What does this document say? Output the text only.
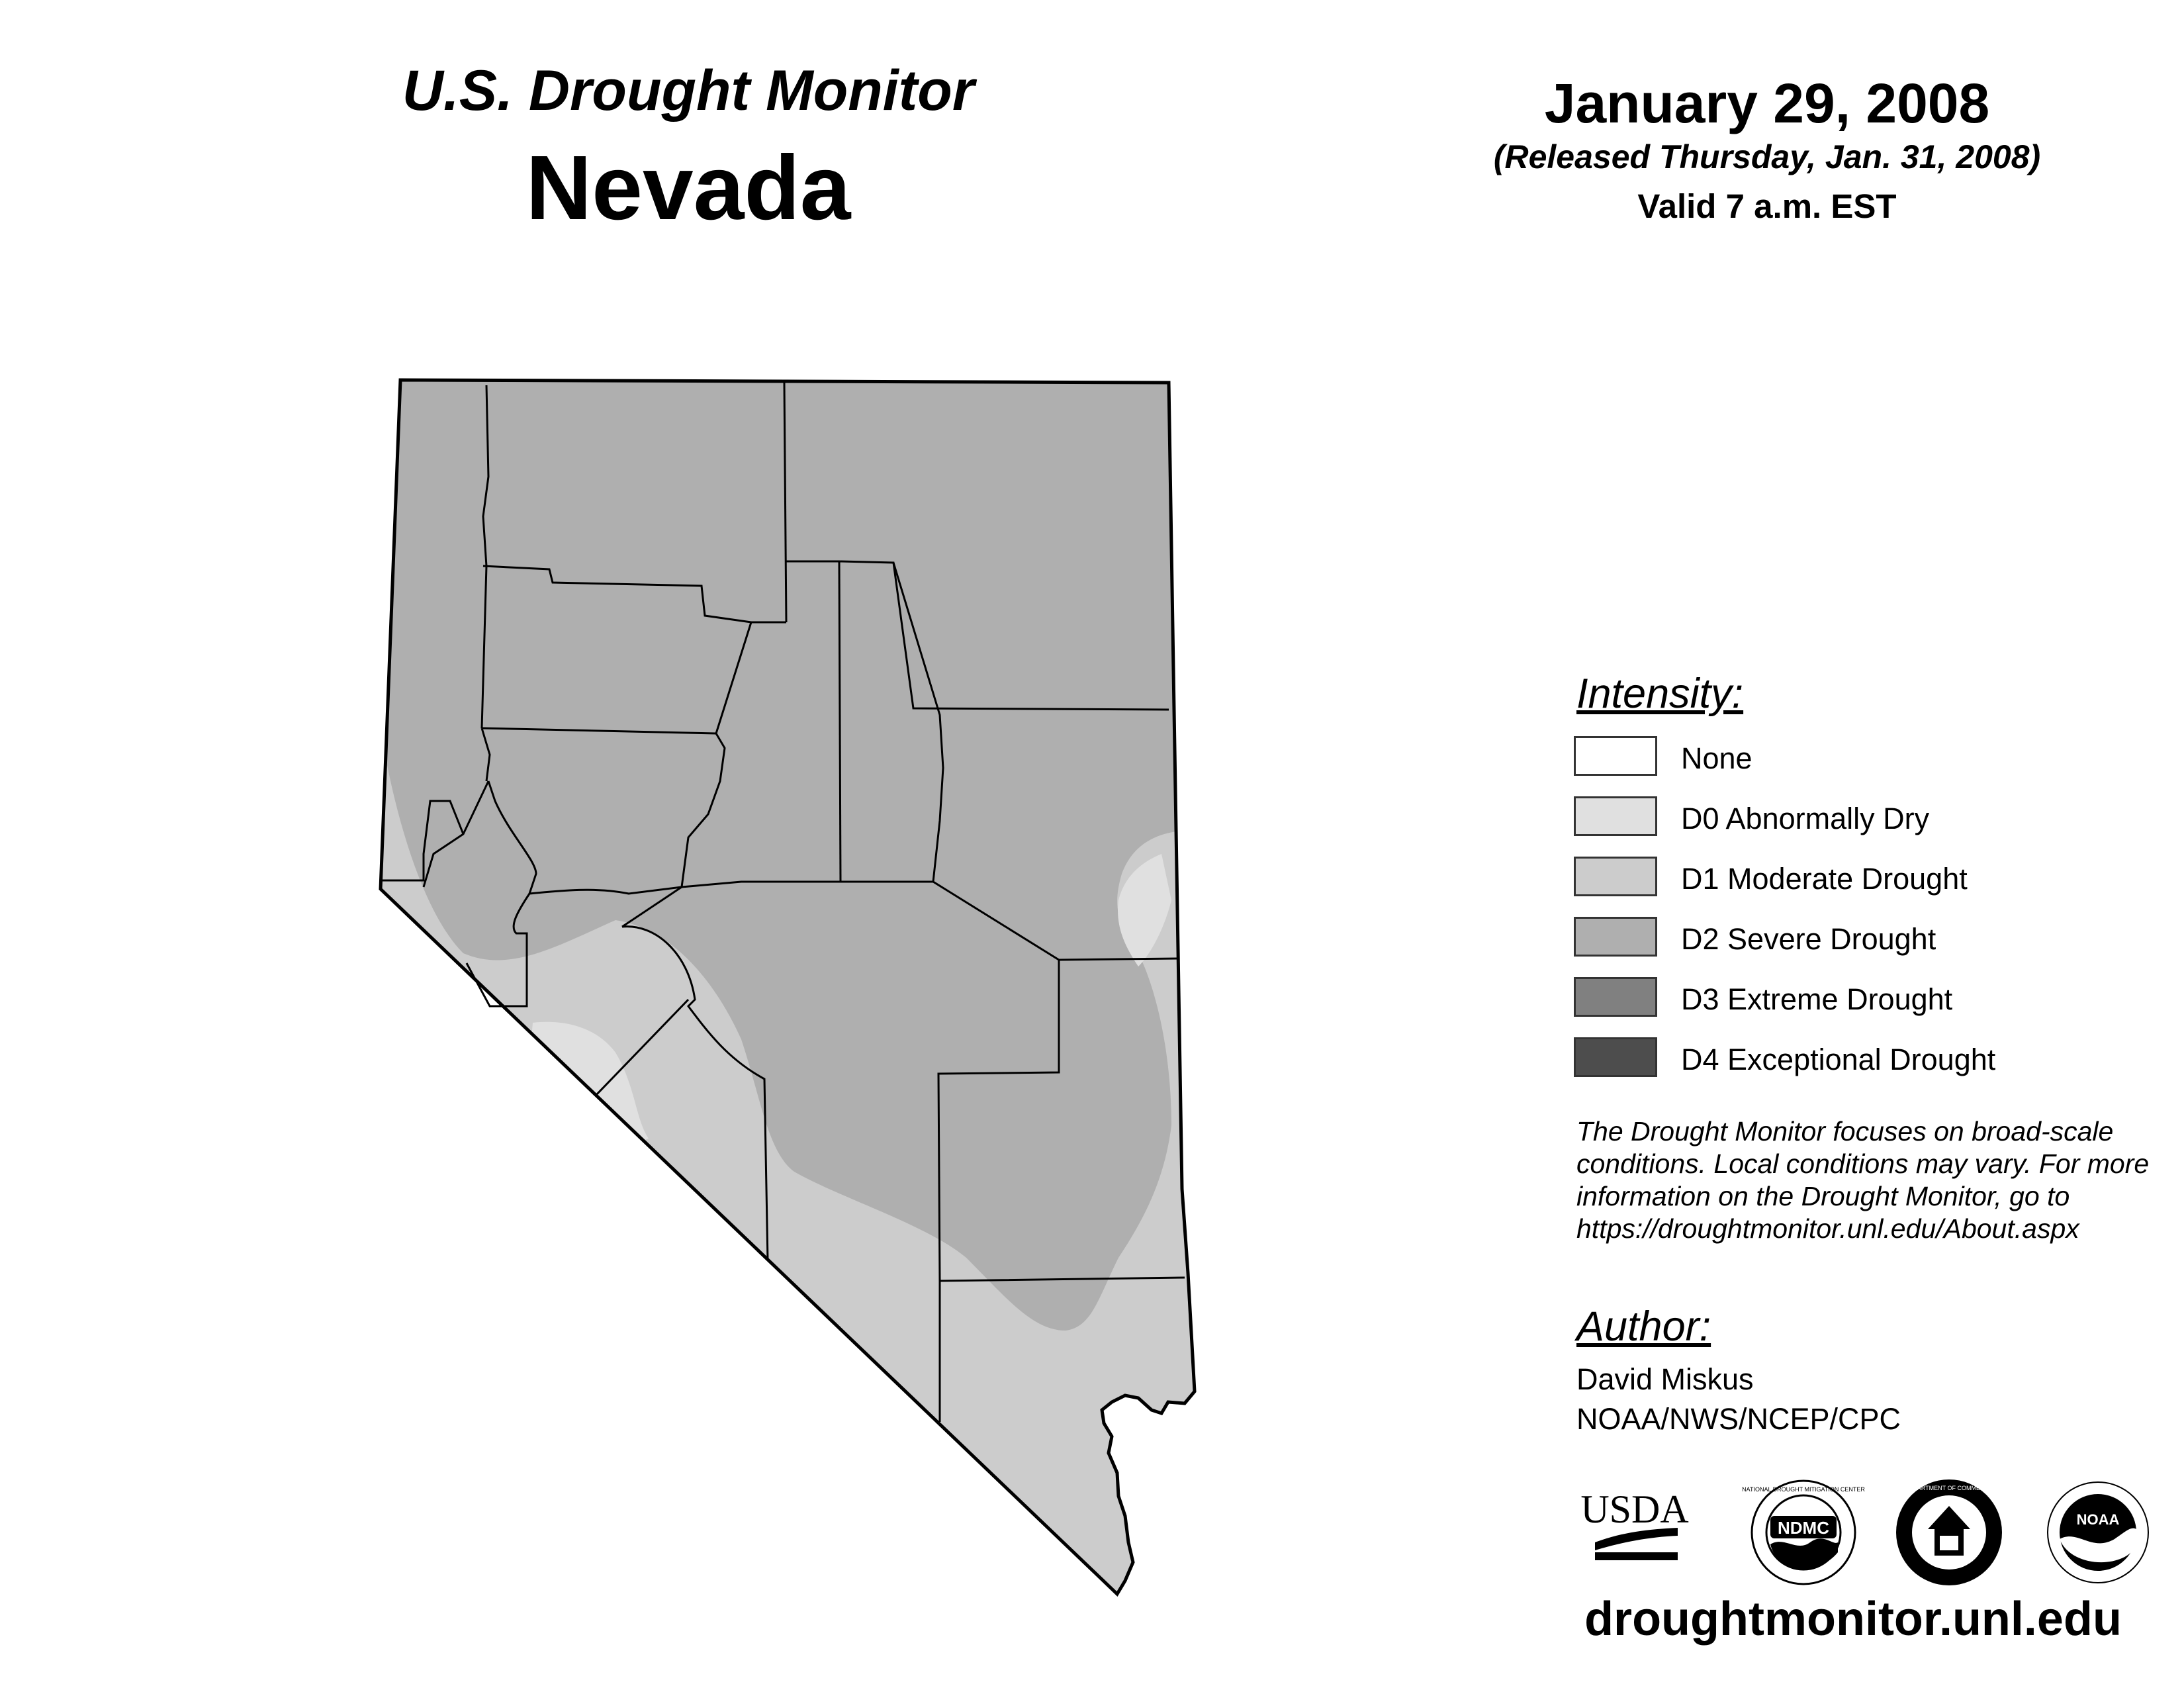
U.S. Drought Monitor
Nevada
January 29, 2008
(Released Thursday, Jan. 31, 2008)
Valid 7 a.m. EST
Intensity:
None
D0 Abnormally Dry
D1 Moderate Drought
D2 Severe Drought
D3 Extreme Drought
D4 Exceptional Drought
The Drought Monitor focuses on broad-scale conditions. Local conditions may vary. For more information on the Drought Monitor, go to https://droughtmonitor.unl.edu/About.aspx
Author:
David Miskus
NOAA/NWS/NCEP/CPC
USDA	NDMC
NATIONAL DROUGHT MITIGATION CENTER	DEPARTMENT OF COMMERCE
NOAA
droughtmonitor.unl.edu
